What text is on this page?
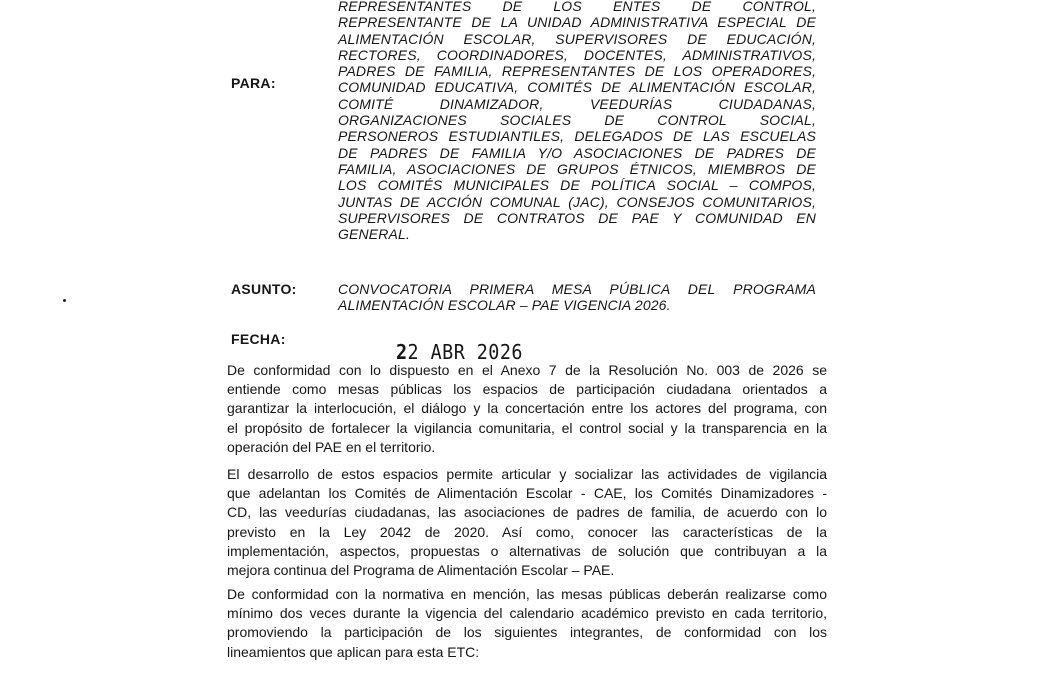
REPRESENTANTES DE LOS ENTES DE CONTROL,
REPRESENTANTE DE LA UNIDAD ADMINISTRATIVA ESPECIAL DE
ALIMENTACIÓN ESCOLAR, SUPERVISORES DE EDUCACIÓN,
RECTORES, COORDINADORES, DOCENTES, ADMINISTRATIVOS,
PADRES DE FAMILIA, REPRESENTANTES DE LOS OPERADORES,
COMUNIDAD EDUCATIVA, COMITÉS DE ALIMENTACIÓN ESCOLAR,
COMITÉ DINAMIZADOR, VEEDURÍAS CIUDADANAS,
ORGANIZACIONES SOCIALES DE CONTROL SOCIAL,
PERSONEROS ESTUDIANTILES, DELEGADOS DE LAS ESCUELAS
DE PADRES DE FAMILIA Y/O ASOCIACIONES DE PADRES DE
FAMILIA, ASOCIACIONES DE GRUPOS ÉTNICOS, MIEMBROS DE
LOS COMITÉS MUNICIPALES DE POLÍTICA SOCIAL – COMPOS,
JUNTAS DE ACCIÓN COMUNAL (JAC), CONSEJOS COMUNITARIOS,
SUPERVISORES DE CONTRATOS DE PAE Y COMUNIDAD EN
GENERAL.
PARA:
ASUNTO:	CONVOCATORIA PRIMERA MESA PÚBLICA DEL PROGRAMA
ALIMENTACIÓN ESCOLAR – PAE VIGENCIA 2026.
FECHA:
22 ABR 2026
De conformidad con lo dispuesto en el Anexo 7 de la Resolución No. 003 de 2026 se
entiende como mesas públicas los espacios de participación ciudadana orientados a
garantizar la interlocución, el diálogo y la concertación entre los actores del programa, con
el propósito de fortalecer la vigilancia comunitaria, el control social y la transparencia en la
operación del PAE en el territorio.
El desarrollo de estos espacios permite articular y socializar las actividades de vigilancia
que adelantan los Comités de Alimentación Escolar - CAE, los Comités Dinamizadores -
CD, las veedurías ciudadanas, las asociaciones de padres de familia, de acuerdo con lo
previsto en la Ley 2042 de 2020. Así como, conocer las características de la
implementación, aspectos, propuestas o alternativas de solución que contribuyan a la
mejora continua del Programa de Alimentación Escolar – PAE.
De conformidad con la normativa en mención, las mesas públicas deberán realizarse como
mínimo dos veces durante la vigencia del calendario académico previsto en cada territorio,
promoviendo la participación de los siguientes integrantes, de conformidad con los
lineamientos que aplican para esta ETC:
